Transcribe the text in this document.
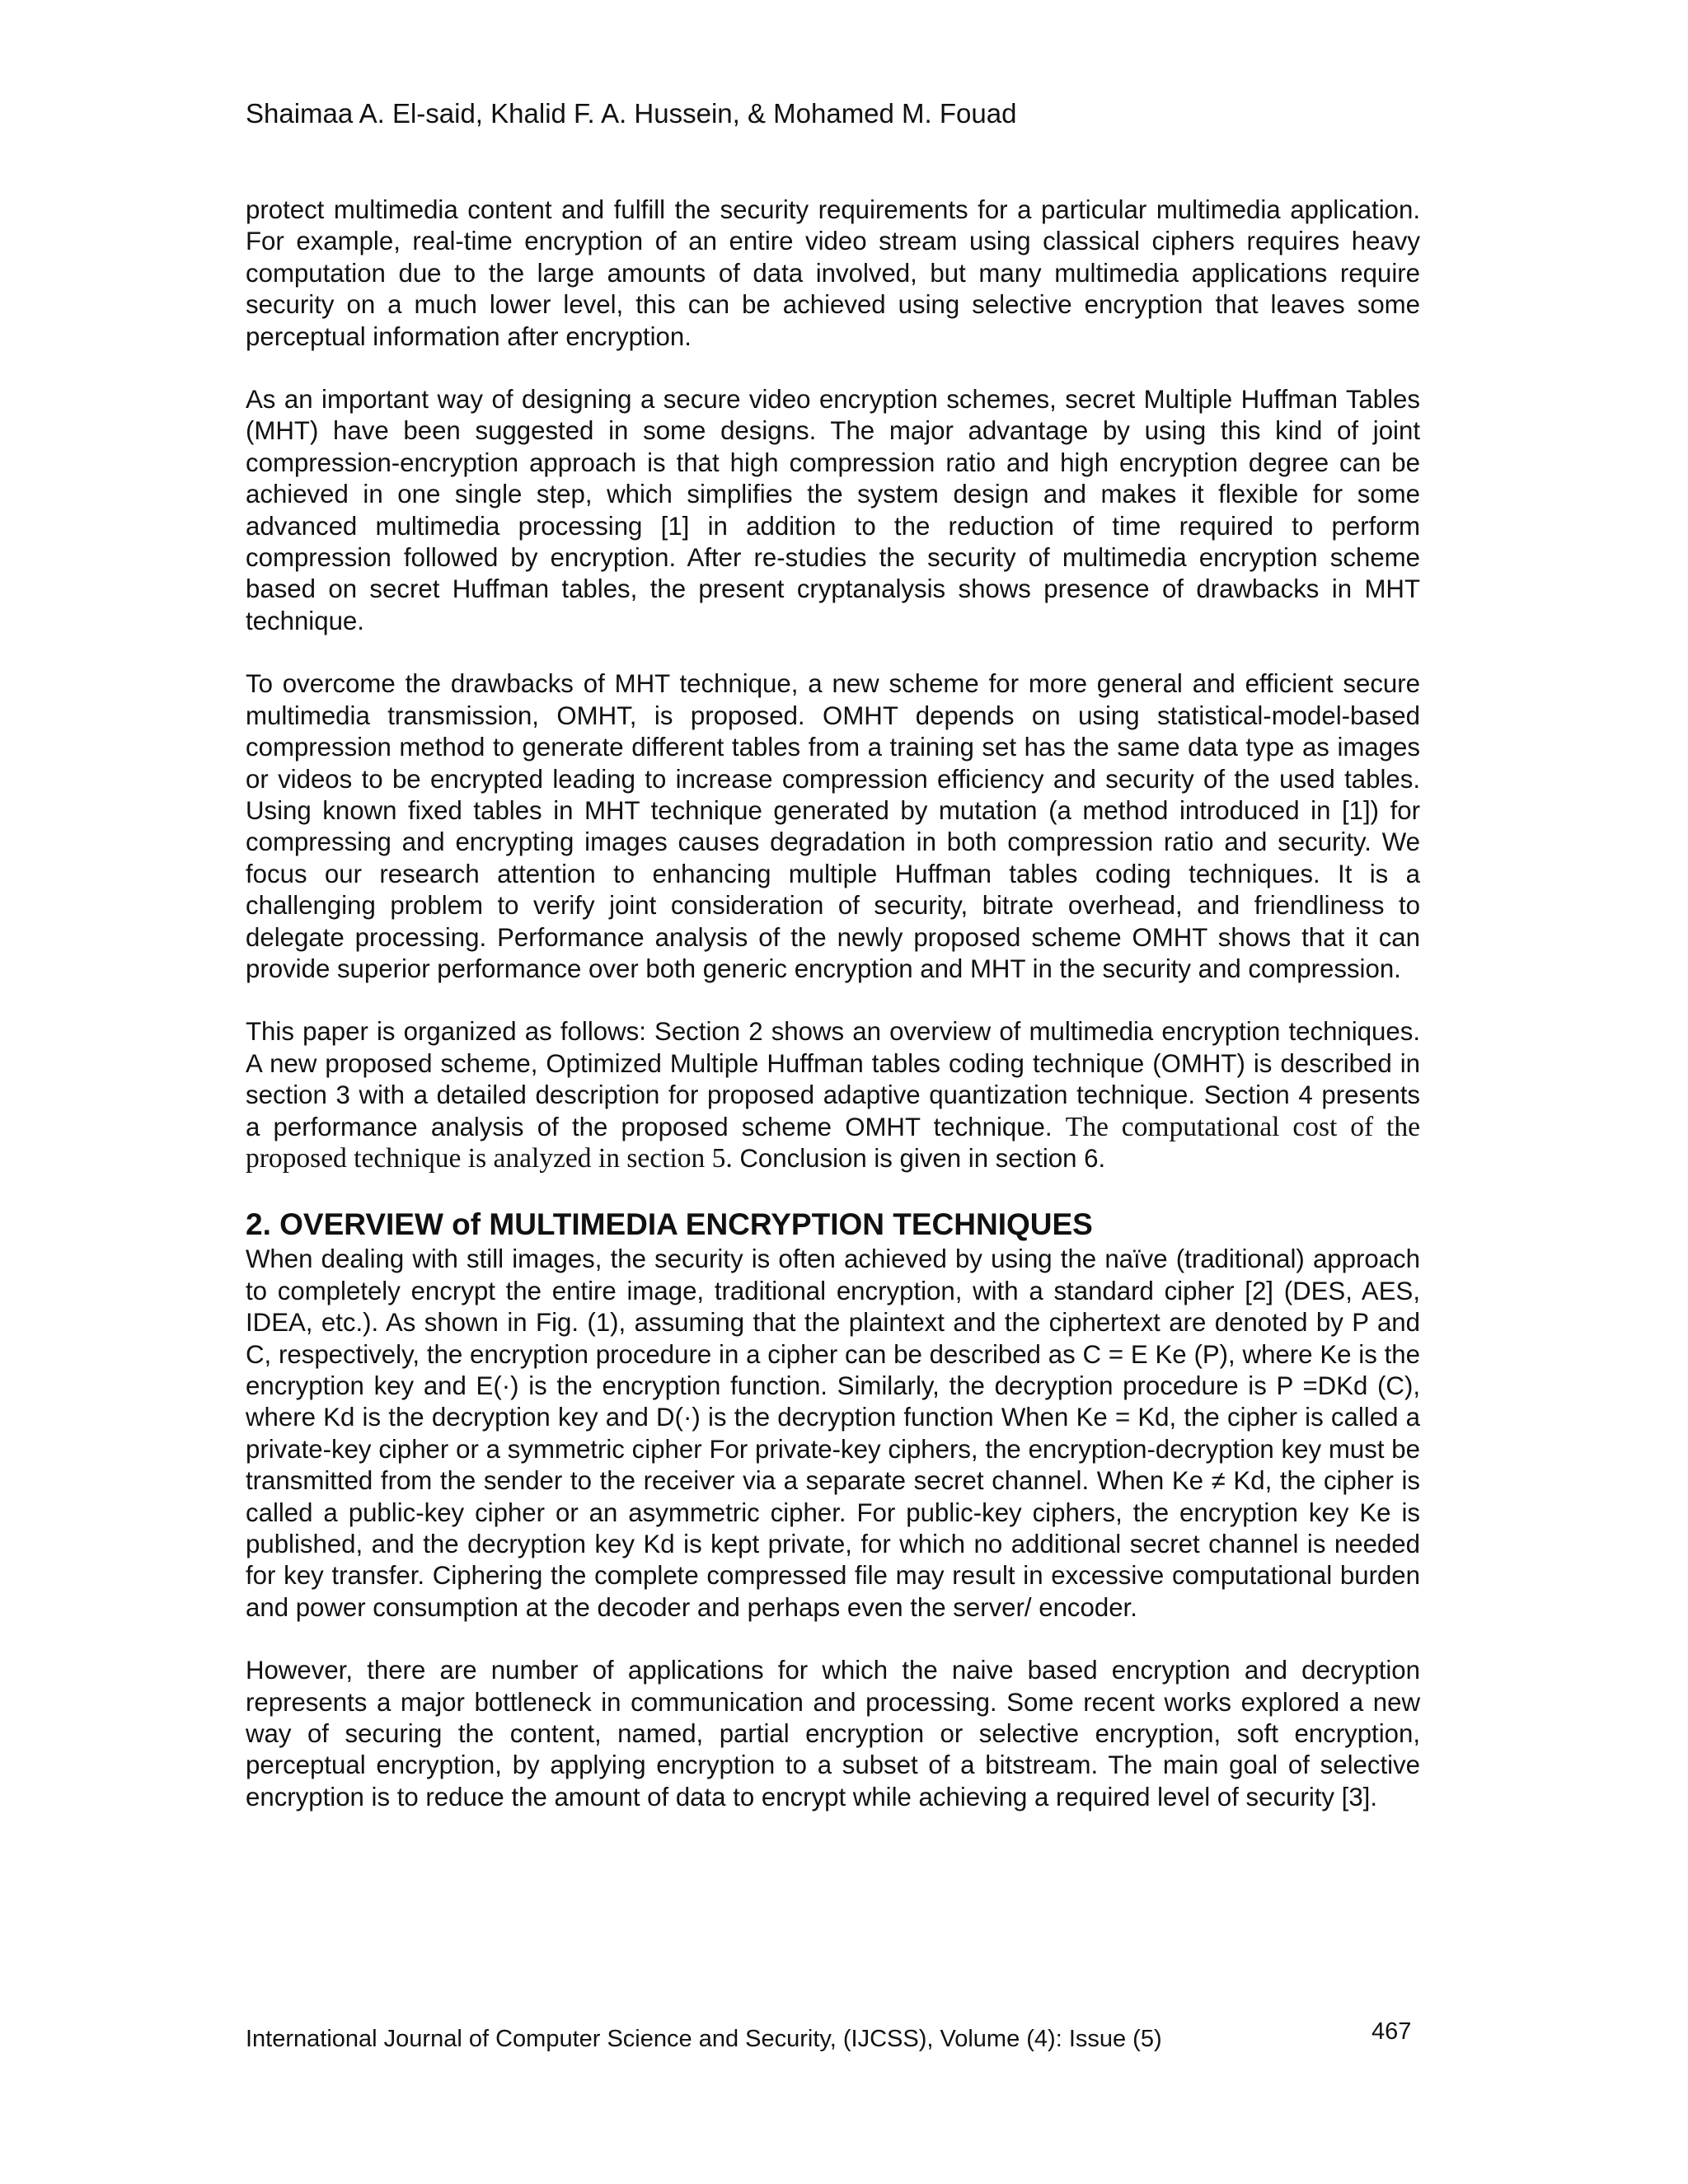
Shaimaa A. El-said, Khalid F. A. Hussein, & Mohamed M. Fouad

protect multimedia content and fulfill the security requirements for a particular multimedia application. For example, real-time encryption of an entire video stream using classical ciphers requires heavy computation due to the large amounts of data involved, but many multimedia applications require security on a much lower level, this can be achieved using selective encryption that leaves some perceptual information after encryption.

As an important way of designing a secure video encryption schemes, secret Multiple Huffman Tables (MHT) have been suggested in some designs. The major advantage by using this kind of joint compression-encryption approach is that high compression ratio and high encryption degree can be achieved in one single step, which simplifies the system design and makes it flexible for some advanced multimedia processing [1] in addition to the reduction of time required to perform compression followed by encryption. After re-studies the security of multimedia encryption scheme based on secret Huffman tables, the present cryptanalysis shows presence of drawbacks in MHT technique.

To overcome the drawbacks of MHT technique, a new scheme for more general and efficient secure multimedia transmission, OMHT, is proposed. OMHT depends on using statistical-model-based compression method to generate different tables from a training set has the same data type as images or videos to be encrypted leading to increase compression efficiency and security of the used tables. Using known fixed tables in MHT technique generated by mutation (a method introduced in [1]) for compressing and encrypting images causes degradation in both compression ratio and security. We focus our research attention to enhancing multiple Huffman tables coding techniques. It is a challenging problem to verify joint consideration of security, bitrate overhead, and friendliness to delegate processing. Performance analysis of the newly proposed scheme OMHT shows that it can provide superior performance over both generic encryption and MHT in the security and compression.

This paper is organized as follows: Section 2 shows an overview of multimedia encryption techniques. A new proposed scheme, Optimized Multiple Huffman tables coding technique (OMHT) is described in section 3 with a detailed description for proposed adaptive quantization technique. Section 4 presents a performance analysis of the proposed scheme OMHT technique. The computational cost of the proposed technique is analyzed in section 5. Conclusion is given in section 6.

2. OVERVIEW of MULTIMEDIA ENCRYPTION TECHNIQUES

When dealing with still images, the security is often achieved by using the naïve (traditional) approach to completely encrypt the entire image, traditional encryption, with a standard cipher [2] (DES, AES, IDEA, etc.). As shown in Fig. (1), assuming that the plaintext and the ciphertext are denoted by P and C, respectively, the encryption procedure in a cipher can be described as C = E Ke (P), where Ke is the encryption key and E(·) is the encryption function. Similarly, the decryption procedure is P =DKd (C), where Kd is the decryption key and D(·) is the decryption function When Ke = Kd, the cipher is called a private-key cipher or a symmetric cipher For private-key ciphers, the encryption-decryption key must be transmitted from the sender to the receiver via a separate secret channel. When Ke ≠ Kd, the cipher is called a public-key cipher or an asymmetric cipher. For public-key ciphers, the encryption key Ke is published, and the decryption key Kd is kept private, for which no additional secret channel is needed for key transfer. Ciphering the complete compressed file may result in excessive computational burden and power consumption at the decoder and perhaps even the server/ encoder.

However, there are number of applications for which the naive based encryption and decryption represents a major bottleneck in communication and processing. Some recent works explored a new way of securing the content, named, partial encryption or selective encryption, soft encryption, perceptual encryption, by applying encryption to a subset of a bitstream. The main goal of selective encryption is to reduce the amount of data to encrypt while achieving a required level of security [3].

International Journal of Computer Science and Security, (IJCSS), Volume (4): Issue (5)	467
